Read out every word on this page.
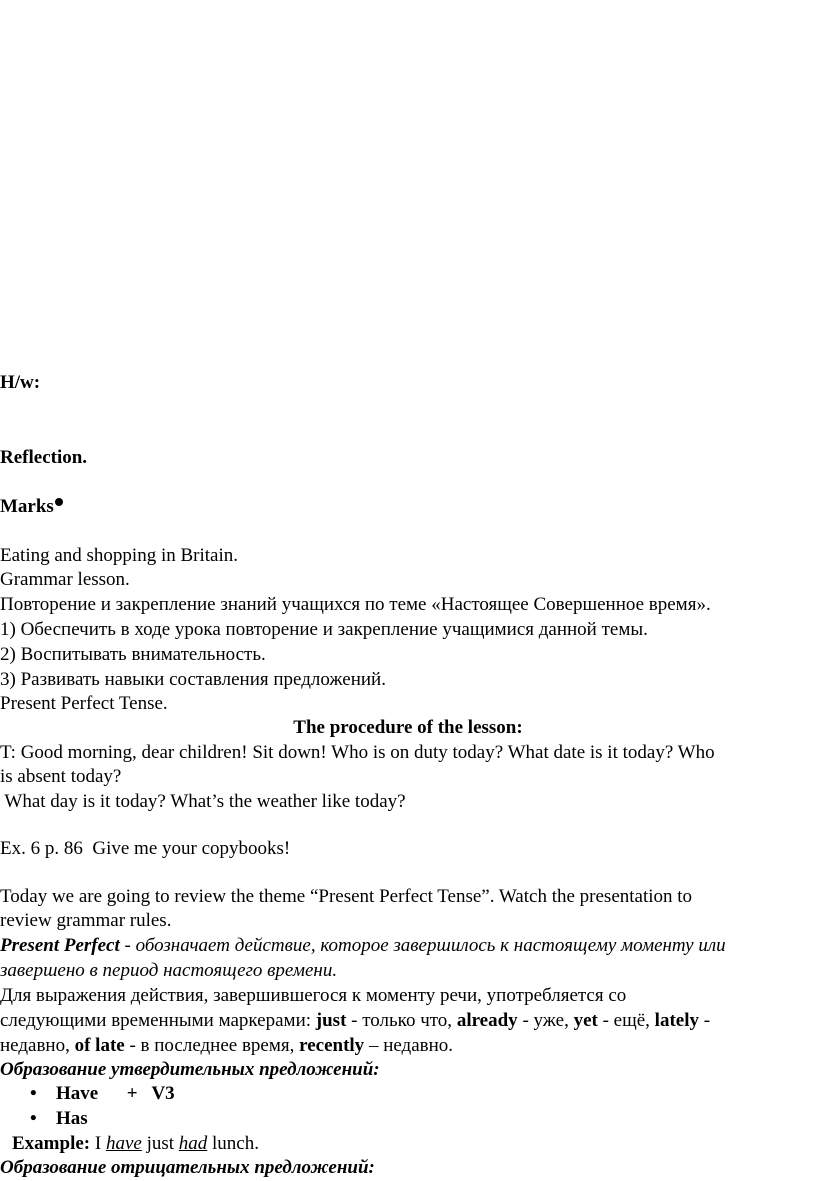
H/w:
Reflection.
Marks
Eating and shopping in Britain.
Grammar lesson.
Повторение и закрепление знаний учащихся по теме «Настоящее Совершенное время».
1) Обеспечить в ходе урока повторение и закрепление учащимися данной темы.
2) Воспитывать внимательность.
3) Развивать навыки составления предложений.
Present Perfect Tense.
The procedure of the lesson:
T: Good morning, dear children! Sit down! Who is on duty today? What date is it today? Who
is absent today?
What day is it today? What’s the weather like today?
Ex. 6 p. 86  Give me your copybooks!
Today we are going to review the theme “Present Perfect Tense”. Watch the presentation to
review grammar rules.
Present Perfect - обозначает действие, которое завершилось к настоящему моменту или
завершено в период настоящего времени.
Для выражения действия, завершившегося к моменту речи, употребляется со
следующими временными маркерами: just - только что, already - уже, yet - ещё, lately -
недавно, of late - в последнее время, recently – недавно.
Образование утвердительных предложений:
• Have      +   V3
• Has
Example: I have just had lunch.
Образование отрицательных предложений:
